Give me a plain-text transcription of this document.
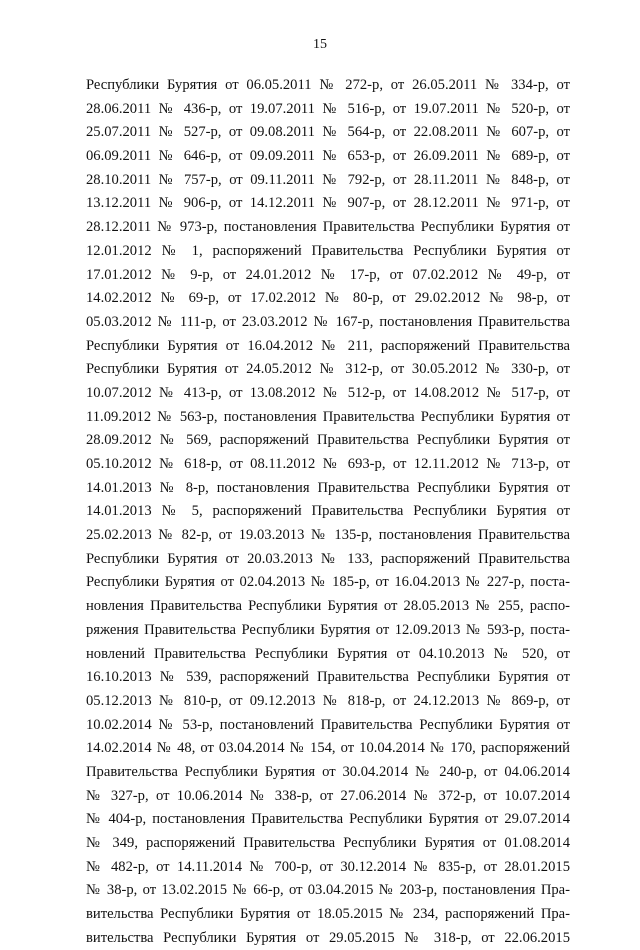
15
Республики Бурятия от 06.05.2011 № 272-р, от 26.05.2011 № 334-р, от
28.06.2011 № 436-р, от 19.07.2011 № 516-р, от 19.07.2011 № 520-р, от
25.07.2011 № 527-р, от 09.08.2011 № 564-р, от 22.08.2011 № 607-р, от
06.09.2011 № 646-р, от 09.09.2011 № 653-р, от 26.09.2011 № 689-р, от
28.10.2011 № 757-р, от 09.11.2011 № 792-р, от 28.11.2011 № 848-р, от
13.12.2011 № 906-р, от 14.12.2011 № 907-р, от 28.12.2011 № 971-р, от
28.12.2011 № 973-р, постановления Правительства Республики Бурятия от
12.01.2012 № 1, распоряжений Правительства Республики Бурятия от
17.01.2012 № 9-р, от 24.01.2012 № 17-р, от 07.02.2012 № 49-р, от
14.02.2012 № 69-р, от 17.02.2012 № 80-р, от 29.02.2012 № 98-р, от
05.03.2012 № 111-р, от 23.03.2012 № 167-р, постановления Правительства
Республики Бурятия от 16.04.2012 № 211, распоряжений Правительства
Республики Бурятия от 24.05.2012 № 312-р, от 30.05.2012 № 330-р, от
10.07.2012 № 413-р, от 13.08.2012 № 512-р, от 14.08.2012 № 517-р, от
11.09.2012 № 563-р, постановления Правительства Республики Бурятия от
28.09.2012 № 569, распоряжений Правительства Республики Бурятия от
05.10.2012 № 618-р, от 08.11.2012 № 693-р, от 12.11.2012 № 713-р, от
14.01.2013 № 8-р, постановления Правительства Республики Бурятия от
14.01.2013 № 5, распоряжений Правительства Республики Бурятия от
25.02.2013 № 82-р, от 19.03.2013 № 135-р, постановления Правительства
Республики Бурятия от 20.03.2013 № 133, распоряжений Правительства
Республики Бурятия от 02.04.2013 № 185-р, от 16.04.2013 № 227-р, поста-
новления Правительства Республики Бурятия от 28.05.2013 № 255, распо-
ряжения Правительства Республики Бурятия от 12.09.2013 № 593-р, поста-
новлений Правительства Республики Бурятия от 04.10.2013 № 520, от
16.10.2013 № 539, распоряжений Правительства Республики Бурятия от
05.12.2013 № 810-р, от 09.12.2013 № 818-р, от 24.12.2013 № 869-р, от
10.02.2014 № 53-р, постановлений Правительства Республики Бурятия от
14.02.2014 № 48, от 03.04.2014 № 154, от 10.04.2014 № 170, распоряжений
Правительства Республики Бурятия от 30.04.2014 № 240-р, от 04.06.2014
№ 327-р, от 10.06.2014 № 338-р, от 27.06.2014 № 372-р, от 10.07.2014
№ 404-р, постановления Правительства Республики Бурятия от 29.07.2014
№ 349, распоряжений Правительства Республики Бурятия от 01.08.2014
№ 482-р, от 14.11.2014 № 700-р, от 30.12.2014 № 835-р, от 28.01.2015
№ 38-р, от 13.02.2015 № 66-р, от 03.04.2015 № 203-р, постановления Пра-
вительства Республики Бурятия от 18.05.2015 № 234, распоряжений Пра-
вительства Республики Бурятия от 29.05.2015 № 318-р, от 22.06.2015
